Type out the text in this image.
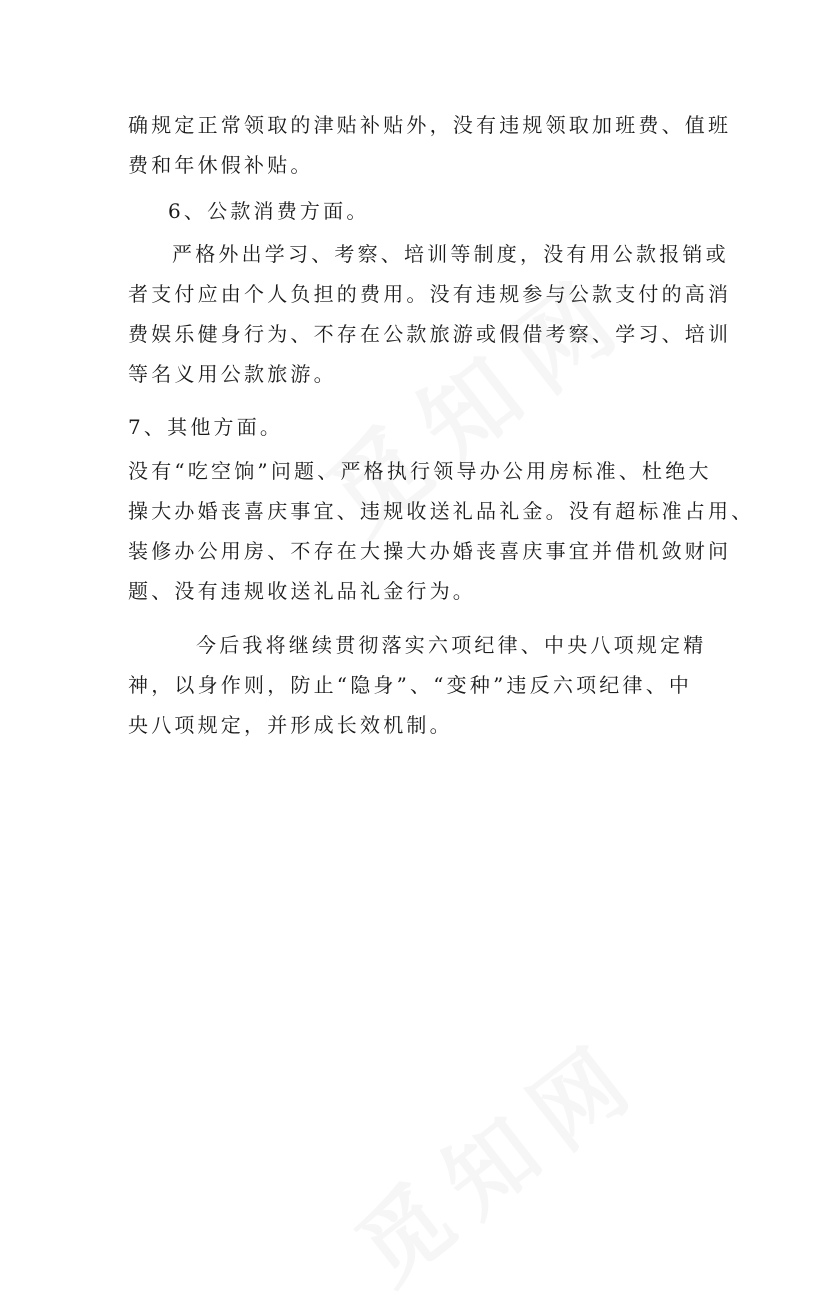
确规定正常领取的津贴补贴外，没有违规领取加班费、值班
费和年休假补贴。
6、公款消费方面。
严格外出学习、考察、培训等制度，没有用公款报销或
者支付应由个人负担的费用。没有违规参与公款支付的高消
费娱乐健身行为、不存在公款旅游或假借考察、学习、培训
等名义用公款旅游。
7、其他方面。
没有“吃空饷”问题、严格执行领导办公用房标准、杜绝大
操大办婚丧喜庆事宜、违规收送礼品礼金。没有超标准占用、
装修办公用房、不存在大操大办婚丧喜庆事宜并借机敛财问
题、没有违规收送礼品礼金行为。
今后我将继续贯彻落实六项纪律、中央八项规定精
神，以身作则，防止“隐身”、“变种”违反六项纪律、中
央八项规定，并形成长效机制。
